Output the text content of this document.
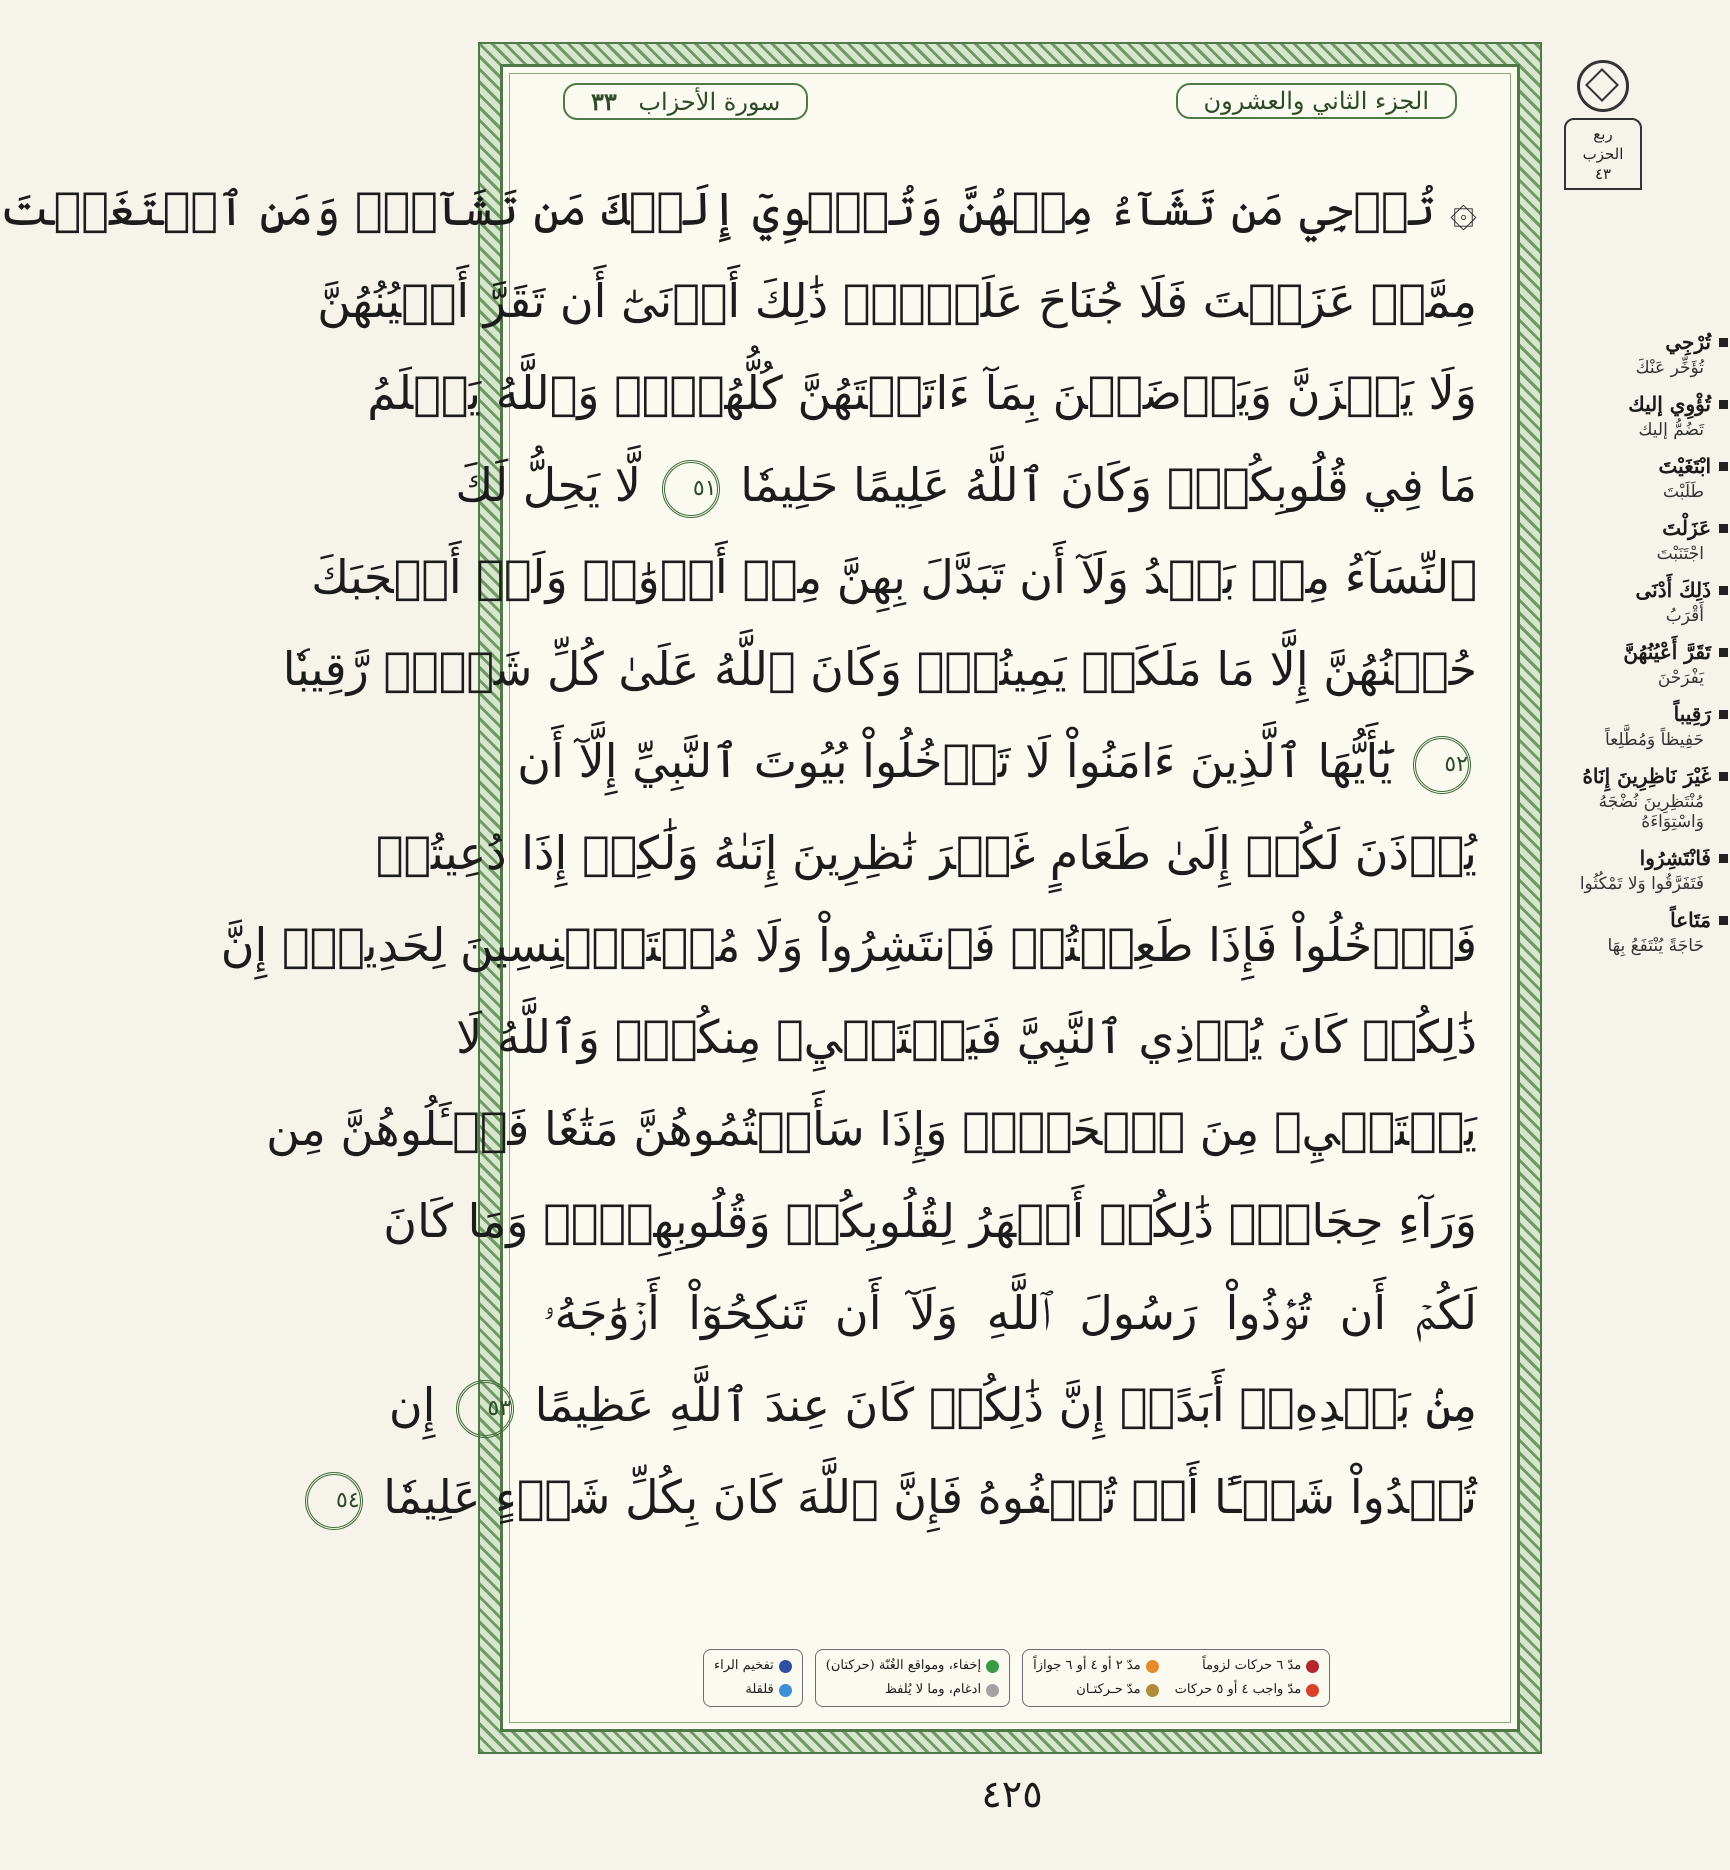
الجزء الثاني والعشرون
سورة الأحزاب ٣٣
۞ تُرۡجِي مَن تَشَآءُ مِنۡهُنَّ وَتُـٔۡوِيٓ إِلَيۡكَ مَن تَشَآءُۖ وَمَنِ ٱبۡتَغَيۡتَ
مِمَّنۡ عَزَلۡتَ فَلَا جُنَاحَ عَلَيۡكَۚ ذَٰلِكَ أَدۡنَىٰٓ أَن تَقَرَّ أَعۡيُنُهُنَّ
وَلَا يَحۡزَنَّ وَيَرۡضَيۡنَ بِمَآ ءَاتَيۡتَهُنَّ كُلُّهُنَّۚ وَٱللَّهُ يَعۡلَمُ
مَا فِي قُلُوبِكُمۡۚ وَكَانَ ٱللَّهُ عَلِيمًا حَلِيمٗا ٥١ لَّا يَحِلُّ لَكَ
ٱلنِّسَآءُ مِنۢ بَعۡدُ وَلَآ أَن تَبَدَّلَ بِهِنَّ مِنۡ أَزۡوَٰجٖ وَلَوۡ أَعۡجَبَكَ
حُسۡنُهُنَّ إِلَّا مَا مَلَكَتۡ يَمِينُكَۗ وَكَانَ ٱللَّهُ عَلَىٰ كُلِّ شَيۡءٖ رَّقِيبٗا
٥٢ يَٰٓأَيُّهَا ٱلَّذِينَ ءَامَنُواْ لَا تَدۡخُلُواْ بُيُوتَ ٱلنَّبِيِّ إِلَّآ أَن
يُؤۡذَنَ لَكُمۡ إِلَىٰ طَعَامٍ غَيۡرَ نَٰظِرِينَ إِنَىٰهُ وَلَٰكِنۡ إِذَا دُعِيتُمۡ
فَٱدۡخُلُواْ فَإِذَا طَعِمۡتُمۡ فَٱنتَشِرُواْ وَلَا مُسۡتَـٔۡنِسِينَ لِحَدِيثٍۚ إِنَّ
ذَٰلِكُمۡ كَانَ يُؤۡذِي ٱلنَّبِيَّ فَيَسۡتَحۡيِۦ مِنكُمۡۖ وَٱللَّهُ لَا
يَسۡتَحۡيِۦ مِنَ ٱلۡحَقِّۚ وَإِذَا سَأَلۡتُمُوهُنَّ مَتَٰعٗا فَسۡـَٔلُوهُنَّ مِن
وَرَآءِ حِجَابٖۚ ذَٰلِكُمۡ أَطۡهَرُ لِقُلُوبِكُمۡ وَقُلُوبِهِنَّۚ وَمَا كَانَ
لَكُمۡ أَن تُؤۡذُواْ رَسُولَ ٱللَّهِ وَلَآ أَن تَنكِحُوٓاْ أَزۡوَٰجَهُۥ
مِنۢ بَعۡدِهِۦٓ أَبَدًاۚ إِنَّ ذَٰلِكُمۡ كَانَ عِندَ ٱللَّهِ عَظِيمًا ٥٣ إِن
تُبۡدُواْ شَيۡـًٔا أَوۡ تُخۡفُوهُ فَإِنَّ ٱللَّهَ كَانَ بِكُلِّ شَيۡءٍ عَلِيمٗا ٥٤
مدّ ٦ حركات لزوماً
مدّ ٢ أو ٤ أو ٦ جوازاً
مدّ واجب ٤ أو ٥ حركات
مدّ حـركتـان
إخفاء، ومواقع الغُنّة (حركتان)
ادغام، وما لا يُلفظ
تفخيم الراء
قلقلة
٤٢٥
ربع
الحزب
٤٣
تُرْجِي
تُؤَخِّر عَنْكَ
تُؤْوِي إليك
تَضُمُّ إليك
ابْتَغَيْتَ
طَلَبْتَ
عَزَلْتَ
اجْتَنَبْتَ
ذَلِكَ أَدْنَى
أَقْرَبُ
تَقَرَّ أَعْيُنُهُنَّ
يَفْرَحْنَ
رَقِيباً
حَفِيظاً وَمُطَّلِعاً
غَيْرَ نَاظِرِينَ إِنَاهُ
مُنْتَظِرِينَ نُضْجَهُ وَاسْتِوَاءَهُ
فَانْتَشِرُوا
فَتَفَرَّقُوا وَلا تَمْكُثُوا
مَتَاعاً
حَاجَةً يُنْتَفَعُ بِهَا
